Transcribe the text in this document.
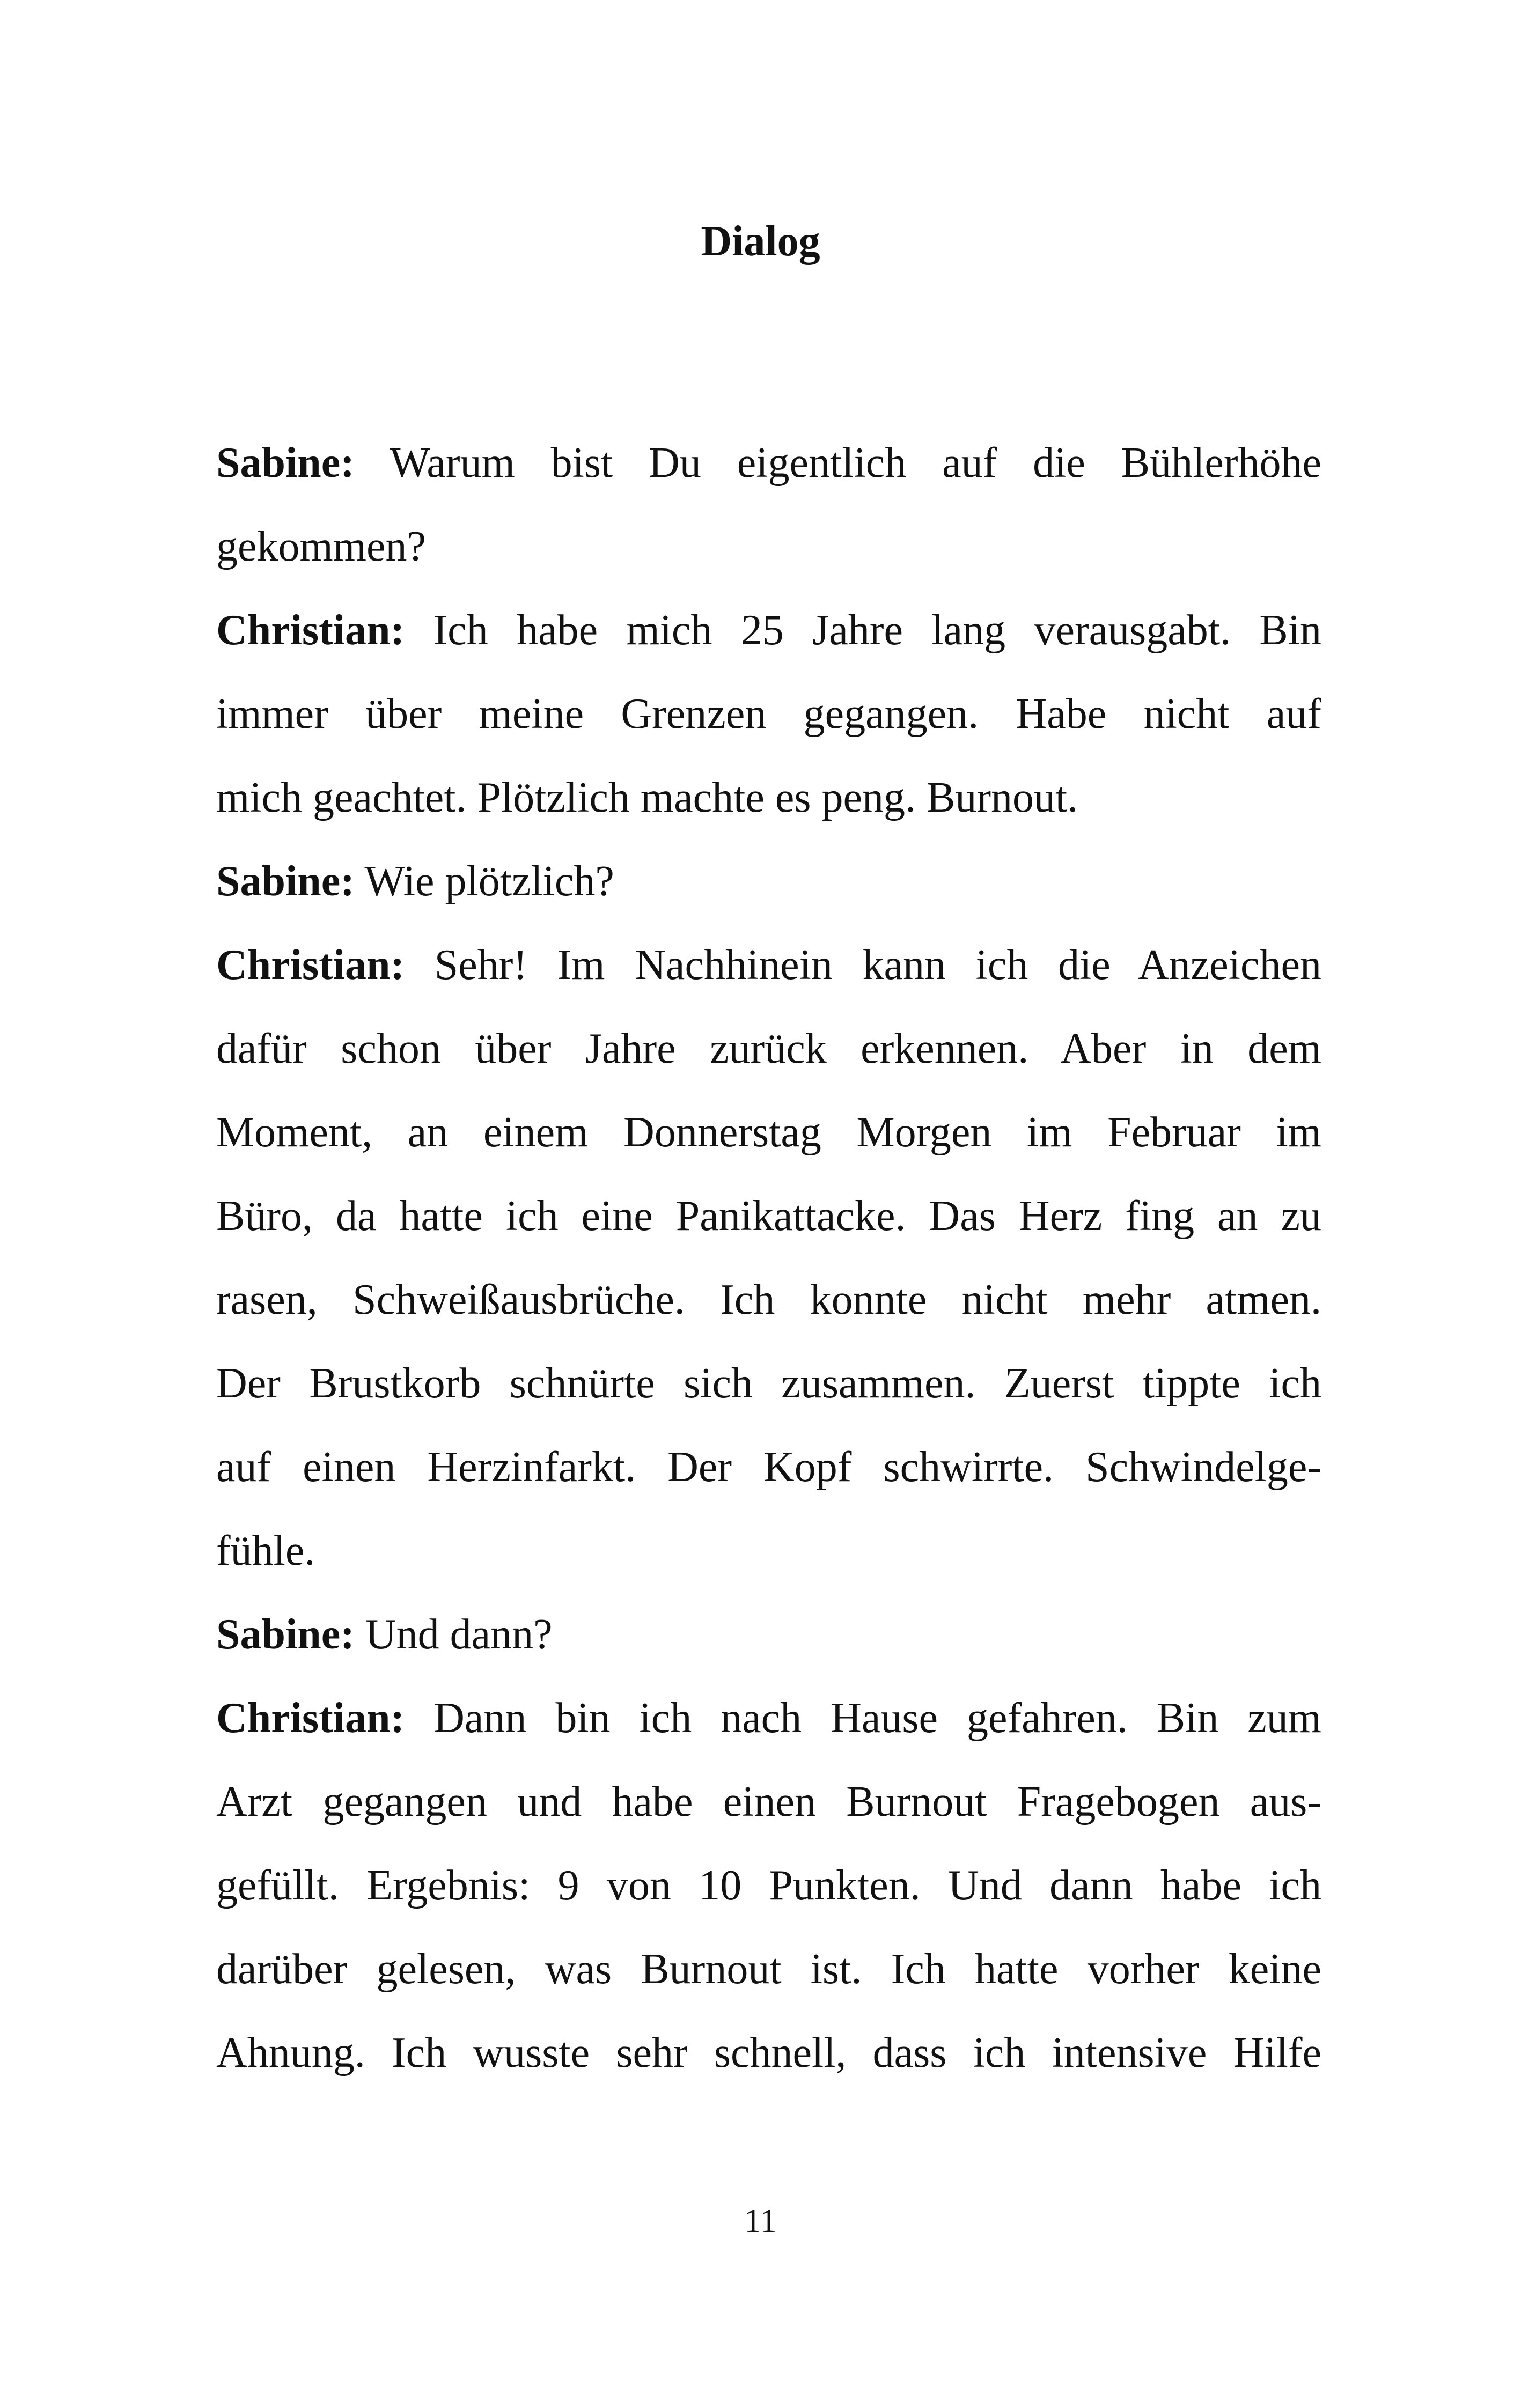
Dialog
Sabine: Warum bist Du eigentlich auf die Bühlerhöhe
gekommen?
Christian: Ich habe mich 25 Jahre lang verausgabt. Bin
immer über meine Grenzen gegangen. Habe nicht auf
mich geachtet. Plötzlich machte es peng. Burnout.
Sabine: Wie plötzlich?
Christian: Sehr! Im Nachhinein kann ich die Anzeichen
dafür schon über Jahre zurück erkennen. Aber in dem
Moment, an einem Donnerstag Morgen im Februar im
Büro, da hatte ich eine Panikattacke. Das Herz fing an zu
rasen, Schweißausbrüche. Ich konnte nicht mehr atmen.
Der Brustkorb schnürte sich zusammen. Zuerst tippte ich
auf einen Herzinfarkt. Der Kopf schwirrte. Schwindelge-
fühle.
Sabine: Und dann?
Christian: Dann bin ich nach Hause gefahren. Bin zum
Arzt gegangen und habe einen Burnout Fragebogen aus-
gefüllt. Ergebnis: 9 von 10 Punkten. Und dann habe ich
darüber gelesen, was Burnout ist. Ich hatte vorher keine
Ahnung. Ich wusste sehr schnell, dass ich intensive Hilfe
11
